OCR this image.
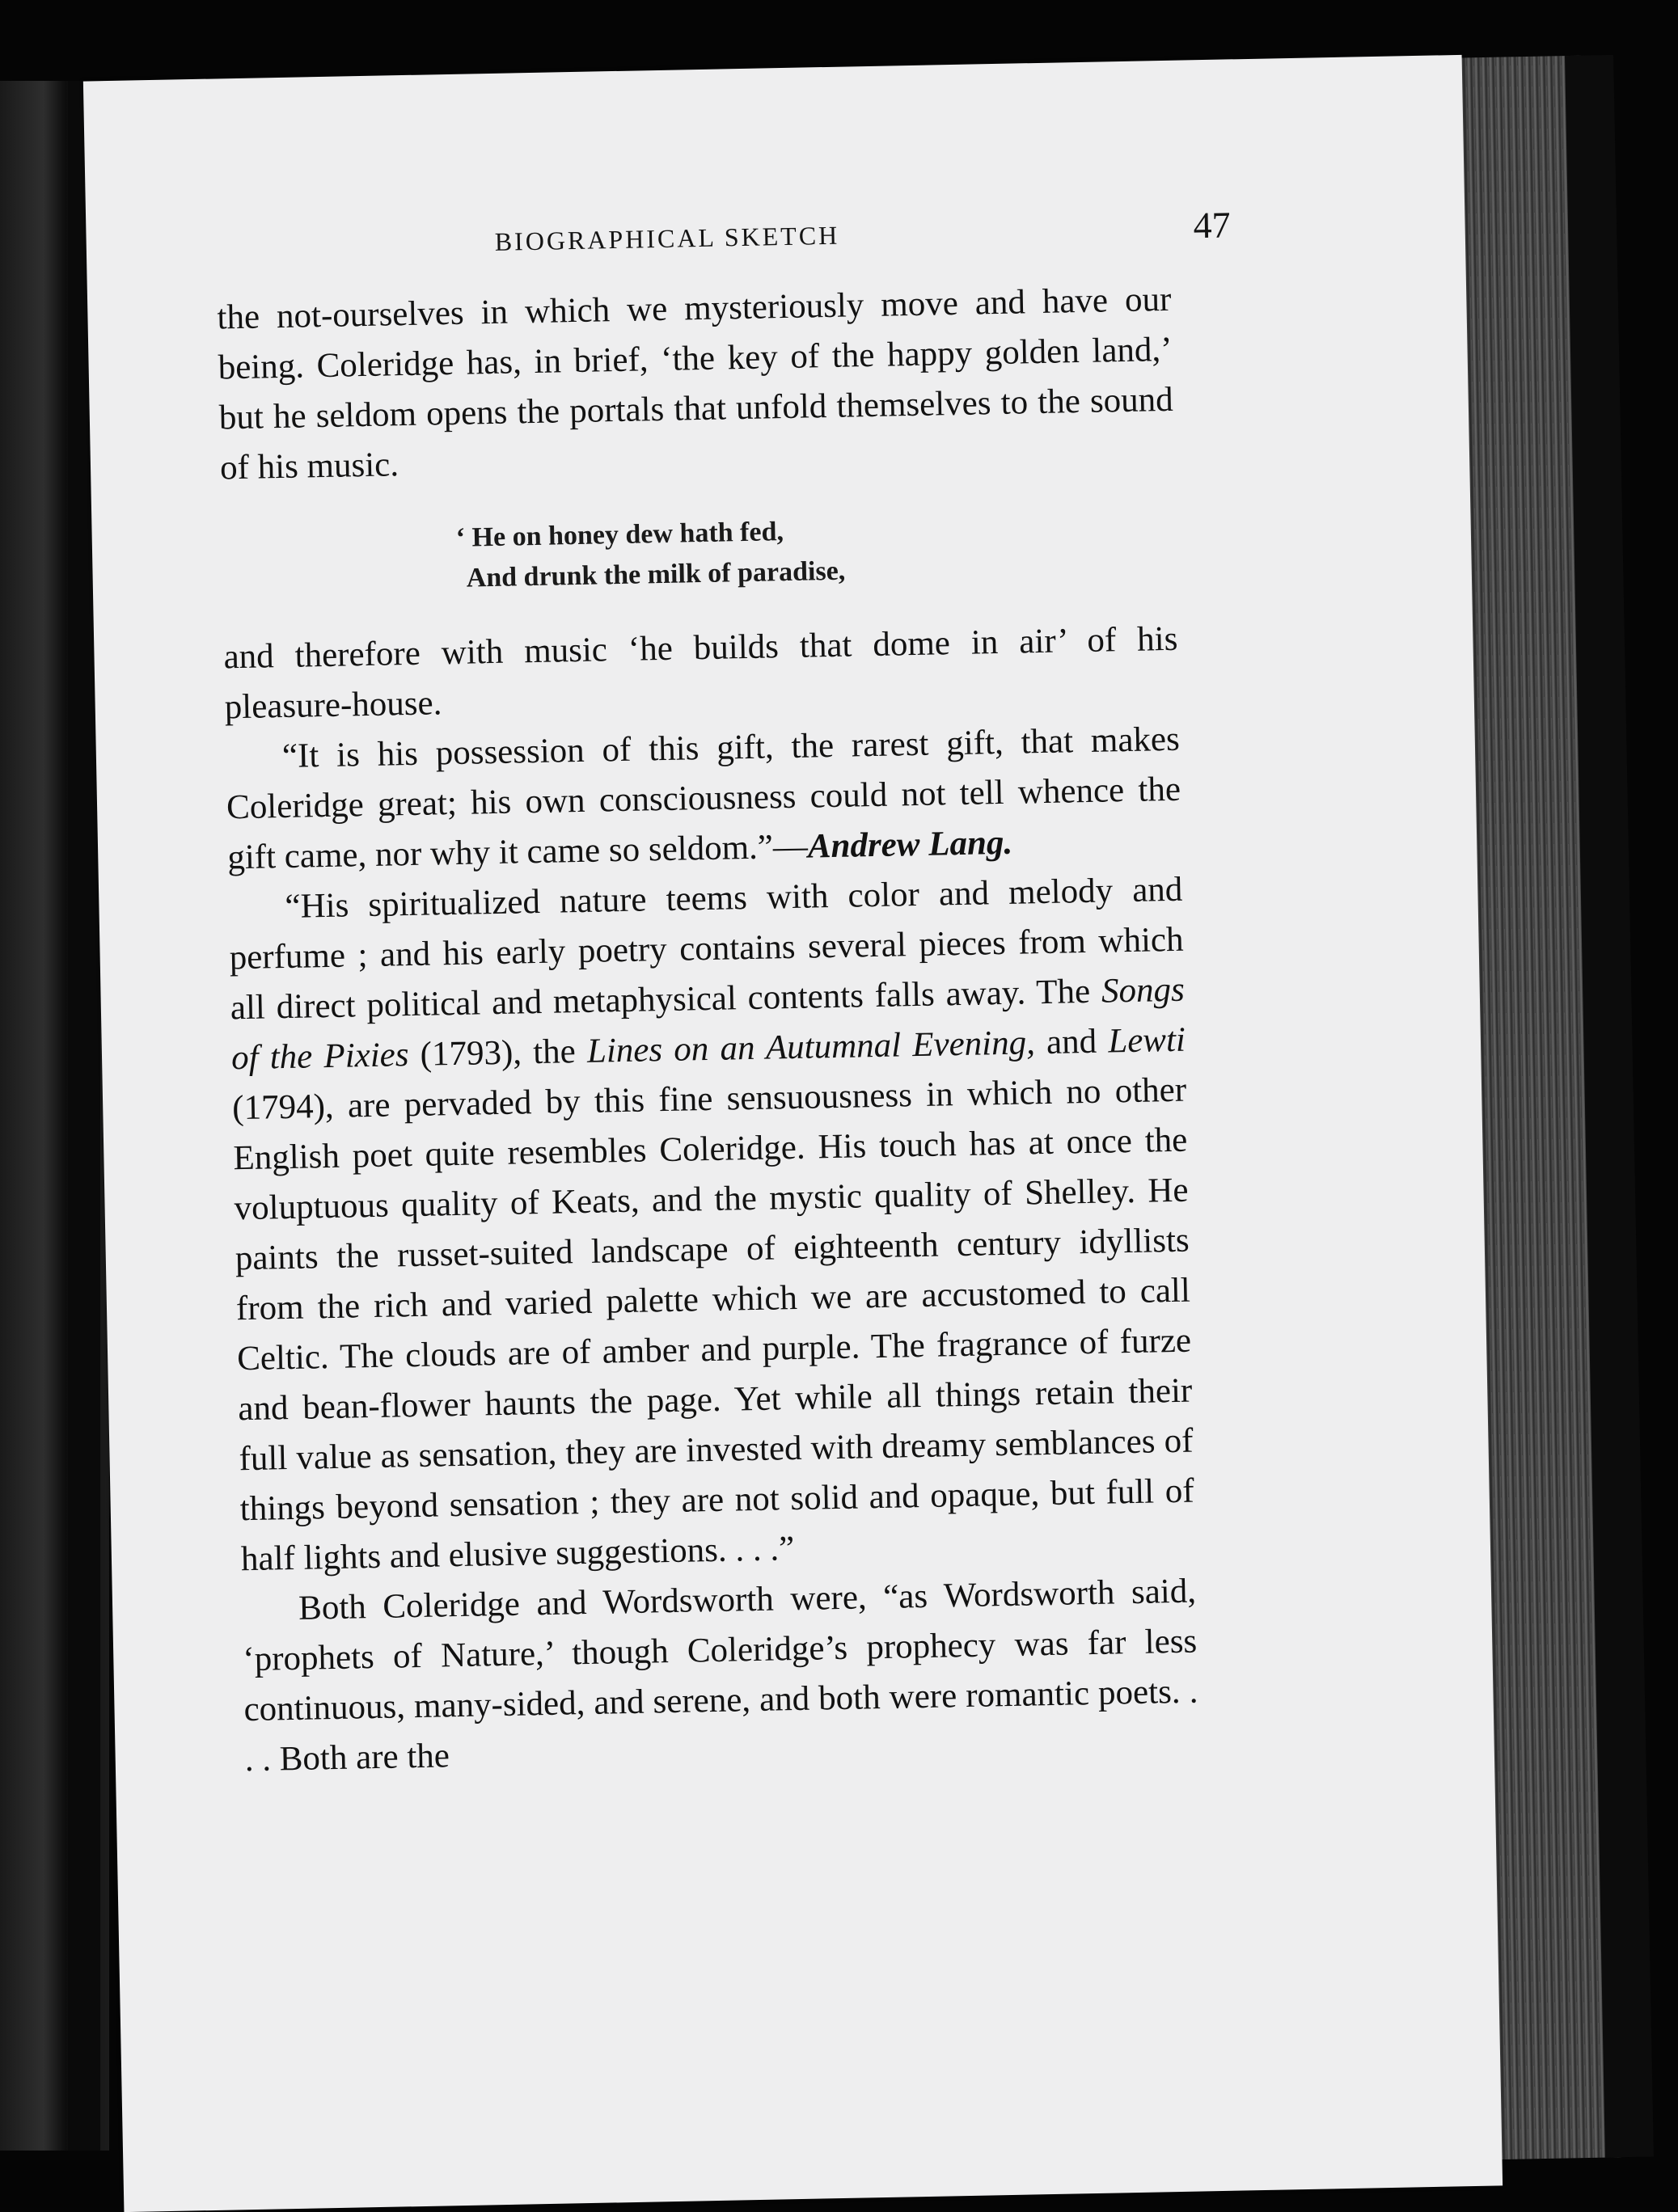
BIOGRAPHICAL SKETCH	47

the not-ourselves in which we mysteriously move and have our being. Coleridge has, in brief, ‘the key of the happy golden land,’ but he seldom opens the portals that unfold themselves to the sound of his music.

‘ He on honey dew hath fed,
And drunk the milk of paradise,

and therefore with music ‘he builds that dome in air’ of his pleasure-house.

“It is his possession of this gift, the rarest gift, that makes Coleridge great; his own consciousness could not tell whence the gift came, nor why it came so seldom.”—Andrew Lang.

“His spiritualized nature teems with color and melody and perfume ; and his early poetry contains several pieces from which all direct political and metaphysical contents falls away. The Songs of the Pixies (1793), the Lines on an Autumnal Evening, and Lewti (1794), are pervaded by this fine sensuousness in which no other English poet quite resembles Coleridge. His touch has at once the voluptuous quality of Keats, and the mystic quality of Shelley. He paints the russet-suited landscape of eighteenth century idyllists from the rich and varied palette which we are accustomed to call Celtic. The clouds are of amber and purple. The fragrance of furze and bean-flower haunts the page. Yet while all things retain their full value as sensation, they are invested with dreamy semblances of things beyond sensation ; they are not solid and opaque, but full of half lights and elusive suggestions. . . .”

Both Coleridge and Wordsworth were, “as Wordsworth said, ‘prophets of Nature,’ though Coleridge’s prophecy was far less continuous, many-sided, and serene, and both were romantic poets. . . . Both are the
